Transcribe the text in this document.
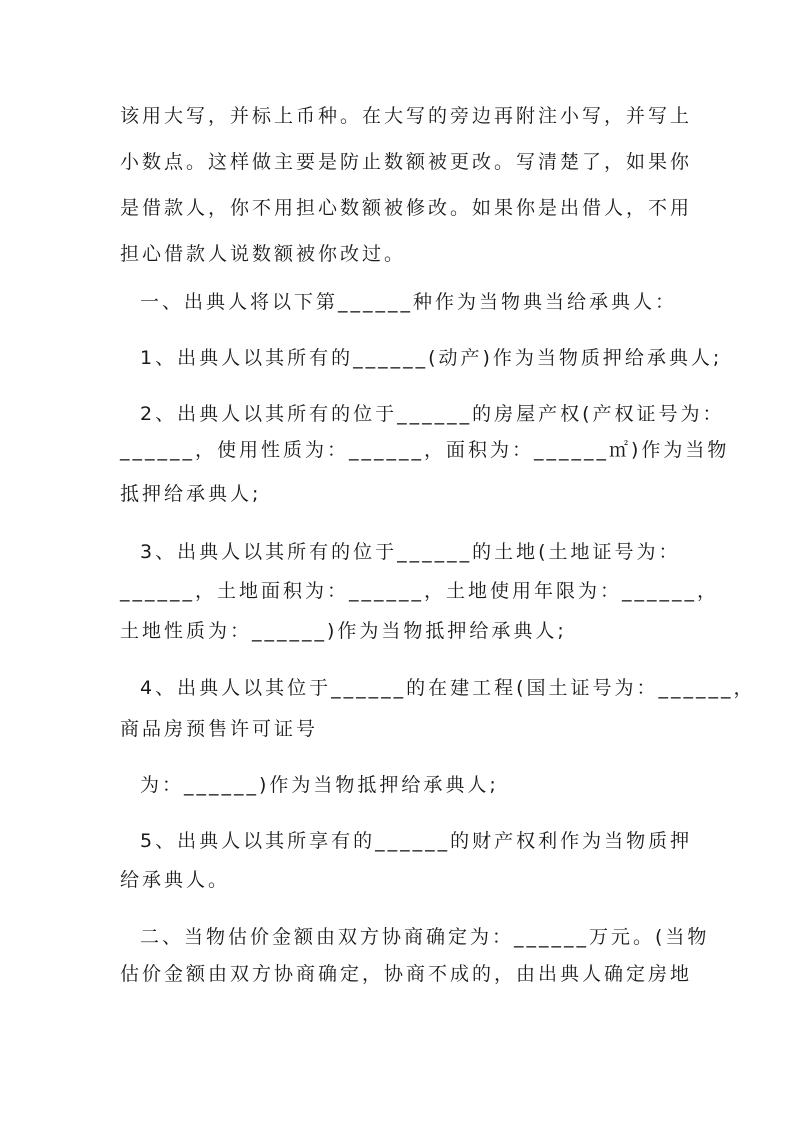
该用大写，并标上币种。在大写的旁边再附注小写，并写上
小数点。这样做主要是防止数额被更改。写清楚了，如果你
是借款人，你不用担心数额被修改。如果你是出借人，不用
担心借款人说数额被你改过。
一、出典人将以下第______种作为当物典当给承典人：
1、出典人以其所有的______(动产)作为当物质押给承典人;
2、出典人以其所有的位于______的房屋产权(产权证号为：
______，使用性质为：______，面积为：______㎡)作为当物
抵押给承典人;
3、出典人以其所有的位于______的土地(土地证号为：
______，土地面积为：______，土地使用年限为：______，
土地性质为：______)作为当物抵押给承典人;
4、出典人以其位于______的在建工程(国土证号为：______，
商品房预售许可证号
为：______)作为当物抵押给承典人;
5、出典人以其所享有的______的财产权利作为当物质押
给承典人。
二、当物估价金额由双方协商确定为：______万元。(当物
估价金额由双方协商确定，协商不成的，由出典人确定房地
